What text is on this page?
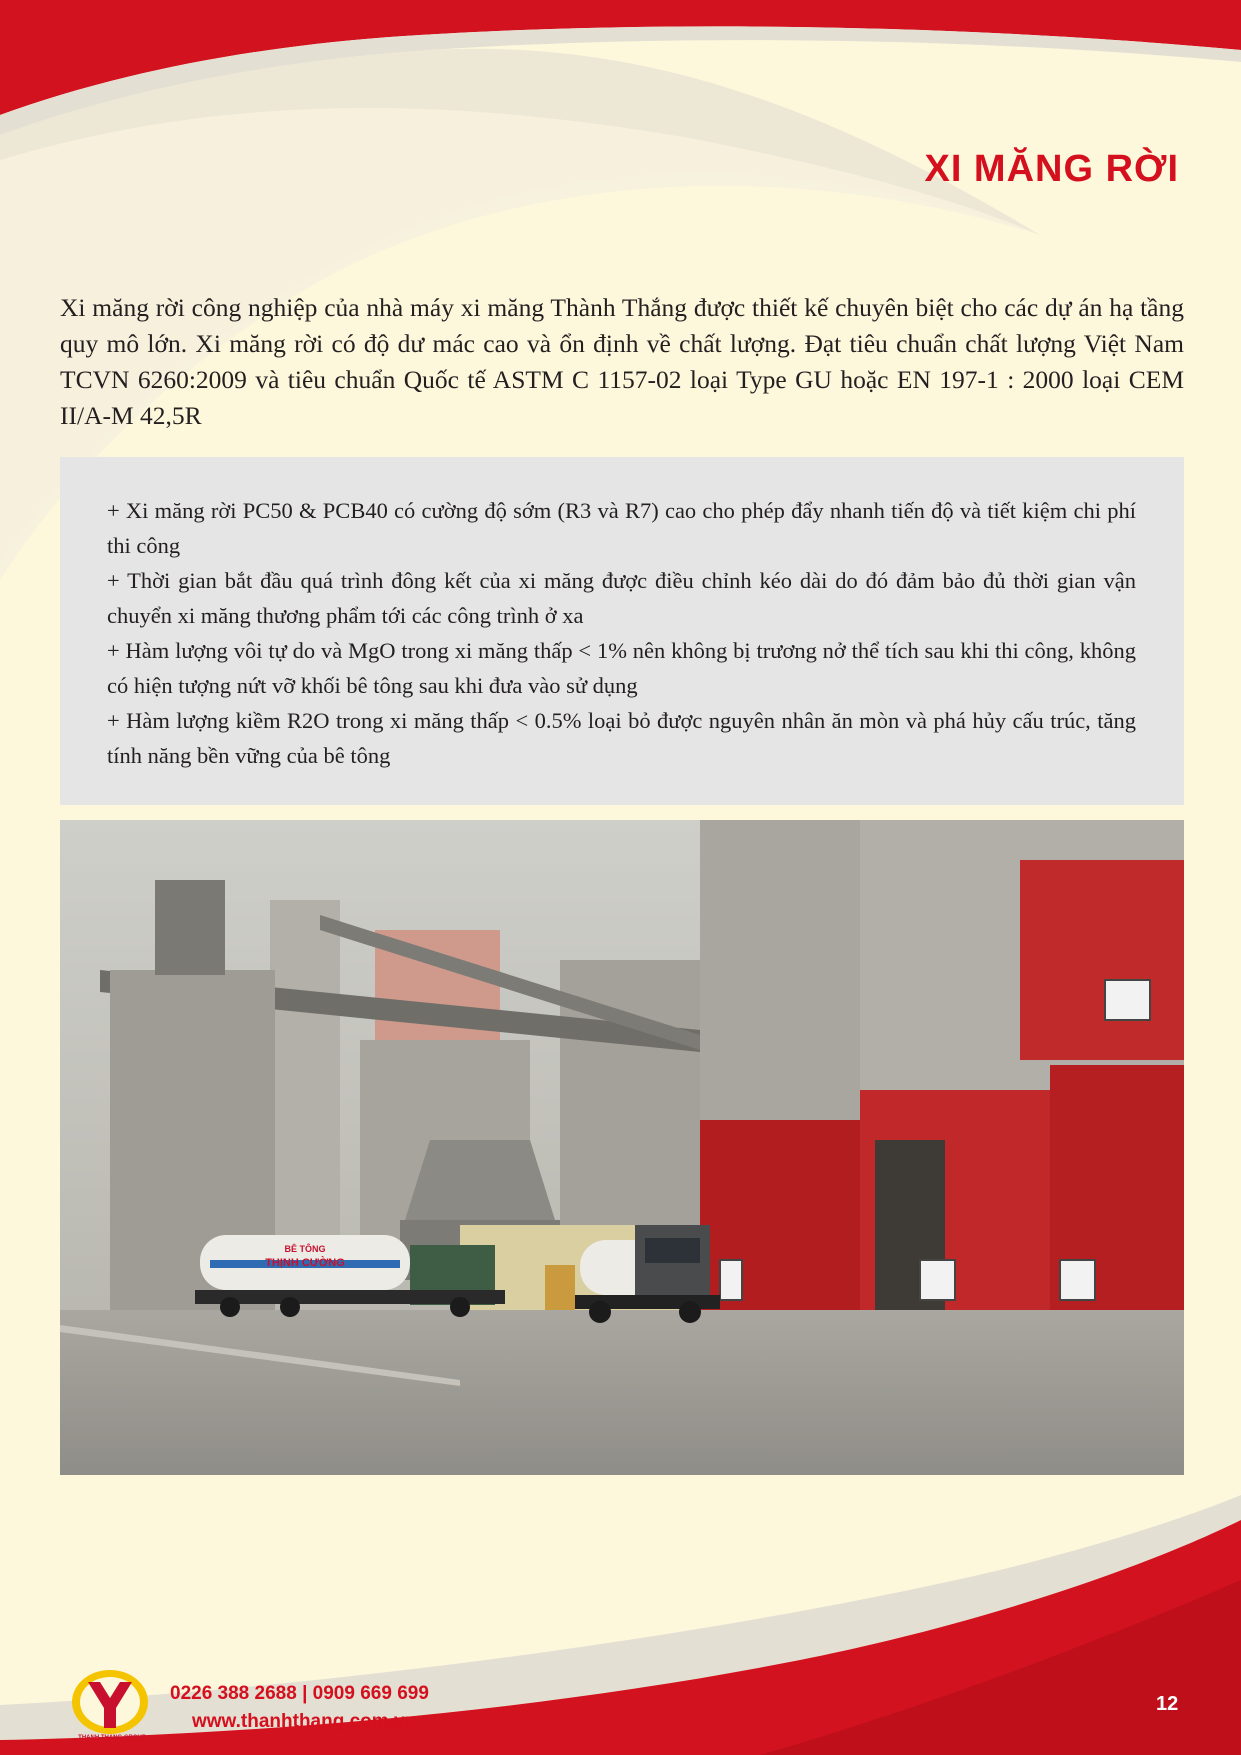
XI MĂNG RỜI

Xi măng rời công nghiệp của nhà máy xi măng Thành Thắng được thiết kế chuyên biệt cho các dự án hạ tầng quy mô lớn. Xi măng rời có độ dư mác cao và ổn định về chất lượng. Đạt tiêu chuẩn chất lượng Việt Nam TCVN 6260:2009 và tiêu chuẩn Quốc tế ASTM C 1157-02 loại Type GU hoặc EN 197-1 : 2000 loại CEM II/A-M 42,5R

+ Xi măng rời PC50 & PCB40 có cường độ sớm (R3 và R7) cao cho phép đẩy nhanh tiến độ và tiết kiệm chi phí thi công
+ Thời gian bắt đầu quá trình đông kết của xi măng được điều chỉnh kéo dài do đó đảm bảo đủ thời gian vận chuyển xi măng thương phẩm tới các công trình ở xa
+ Hàm lượng vôi tự do và MgO trong xi măng thấp < 1% nên không bị trương nở thể tích sau khi thi công, không có hiện tượng nứt vỡ khối bê tông sau khi đưa vào sử dụng
+ Hàm lượng kiềm R2O trong xi măng thấp < 0.5% loại bỏ được nguyên nhân ăn mòn và phá hủy cấu trúc, tăng tính năng bền vững của bê tông
BÊ TÔNG
THỊNH CƯỜNG
THANH THANG GROUP

0226 388 2688 | 0909 669 699

www.thanhthang.com.vn

12
